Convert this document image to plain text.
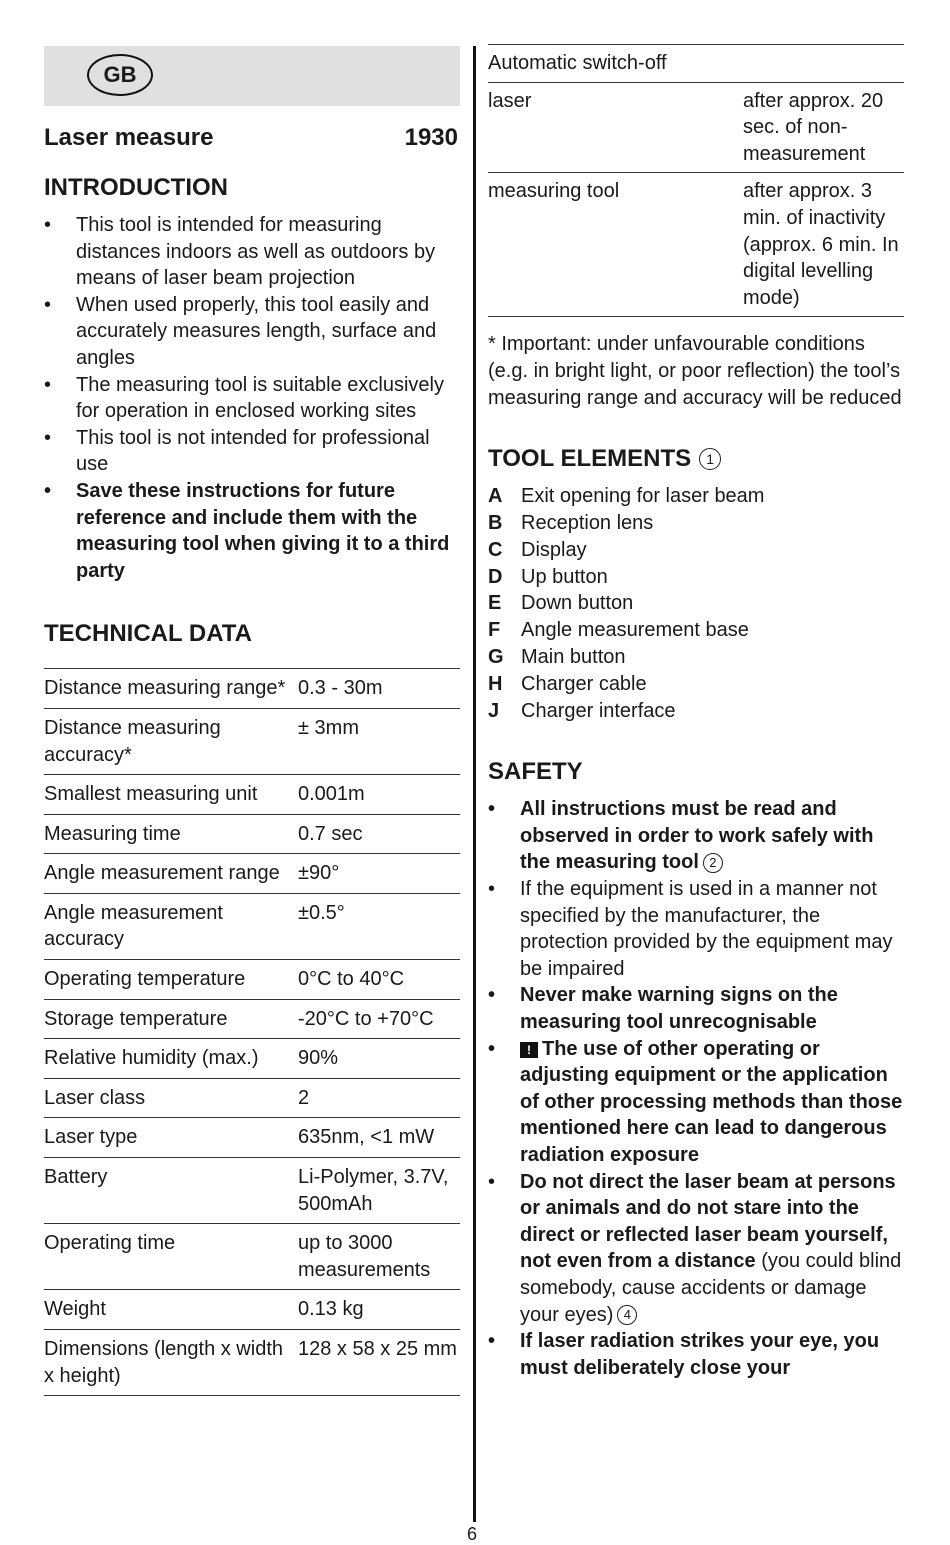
GB
Laser measure	1930
INTRODUCTION
• This tool is intended for measuring distances indoors as well as outdoors by means of laser beam projection
• When used properly, this tool easily and accurately measures length, surface and angles
• The measuring tool is suitable exclusively for operation in enclosed working sites
• This tool is not intended for professional use
• Save these instructions for future reference and include them with the measuring tool when giving it to a third party
TECHNICAL DATA
Distance measuring range*	0.3 - 30m
Distance measuring accuracy*	± 3mm
Smallest measuring unit	0.001m
Measuring time	0.7 sec
Angle measurement range	±90°
Angle measurement accuracy	±0.5°
Operating temperature	0°C to 40°C
Storage temperature	-20°C to +70°C
Relative humidity (max.)	90%
Laser class	2
Laser type	635nm, <1 mW
Battery	Li-Polymer, 3.7V, 500mAh
Operating time	up to 3000 measurements
Weight	0.13 kg
Dimensions (length x width x height)	128 x 58 x 25 mm
Automatic switch-off	
laser	after approx. 20 sec. of non-measurement
measuring tool	after approx. 3 min. of inactivity (approx. 6 min. In digital levelling mode)
* Important: under unfavourable conditions (e.g. in bright light, or poor reflection) the tool’s measuring range and accuracy will be reduced
TOOL ELEMENTS	1
A Exit opening for laser beam
B Reception lens
C Display
D Up button
E Down button
F	Angle measurement base
G Main button
H Charger cable
J	Charger interface
SAFETY
• All instructions must be read and observed in order to work safely with the measuring tool 2
• If the equipment is used in a manner not specified by the manufacturer, the protection provided by the equipment may be impaired
• Never make warning signs on the measuring tool unrecognisable
• ! The use of other operating or adjusting equipment or the application of other processing methods than those mentioned here can lead to dangerous radiation exposure
• Do not direct the laser beam at persons or animals and do not stare into the direct or reflected laser beam yourself, not even from a distance (you could blind somebody, cause accidents or damage your eyes) 4
• If laser radiation strikes your eye, you must deliberately close your
6
